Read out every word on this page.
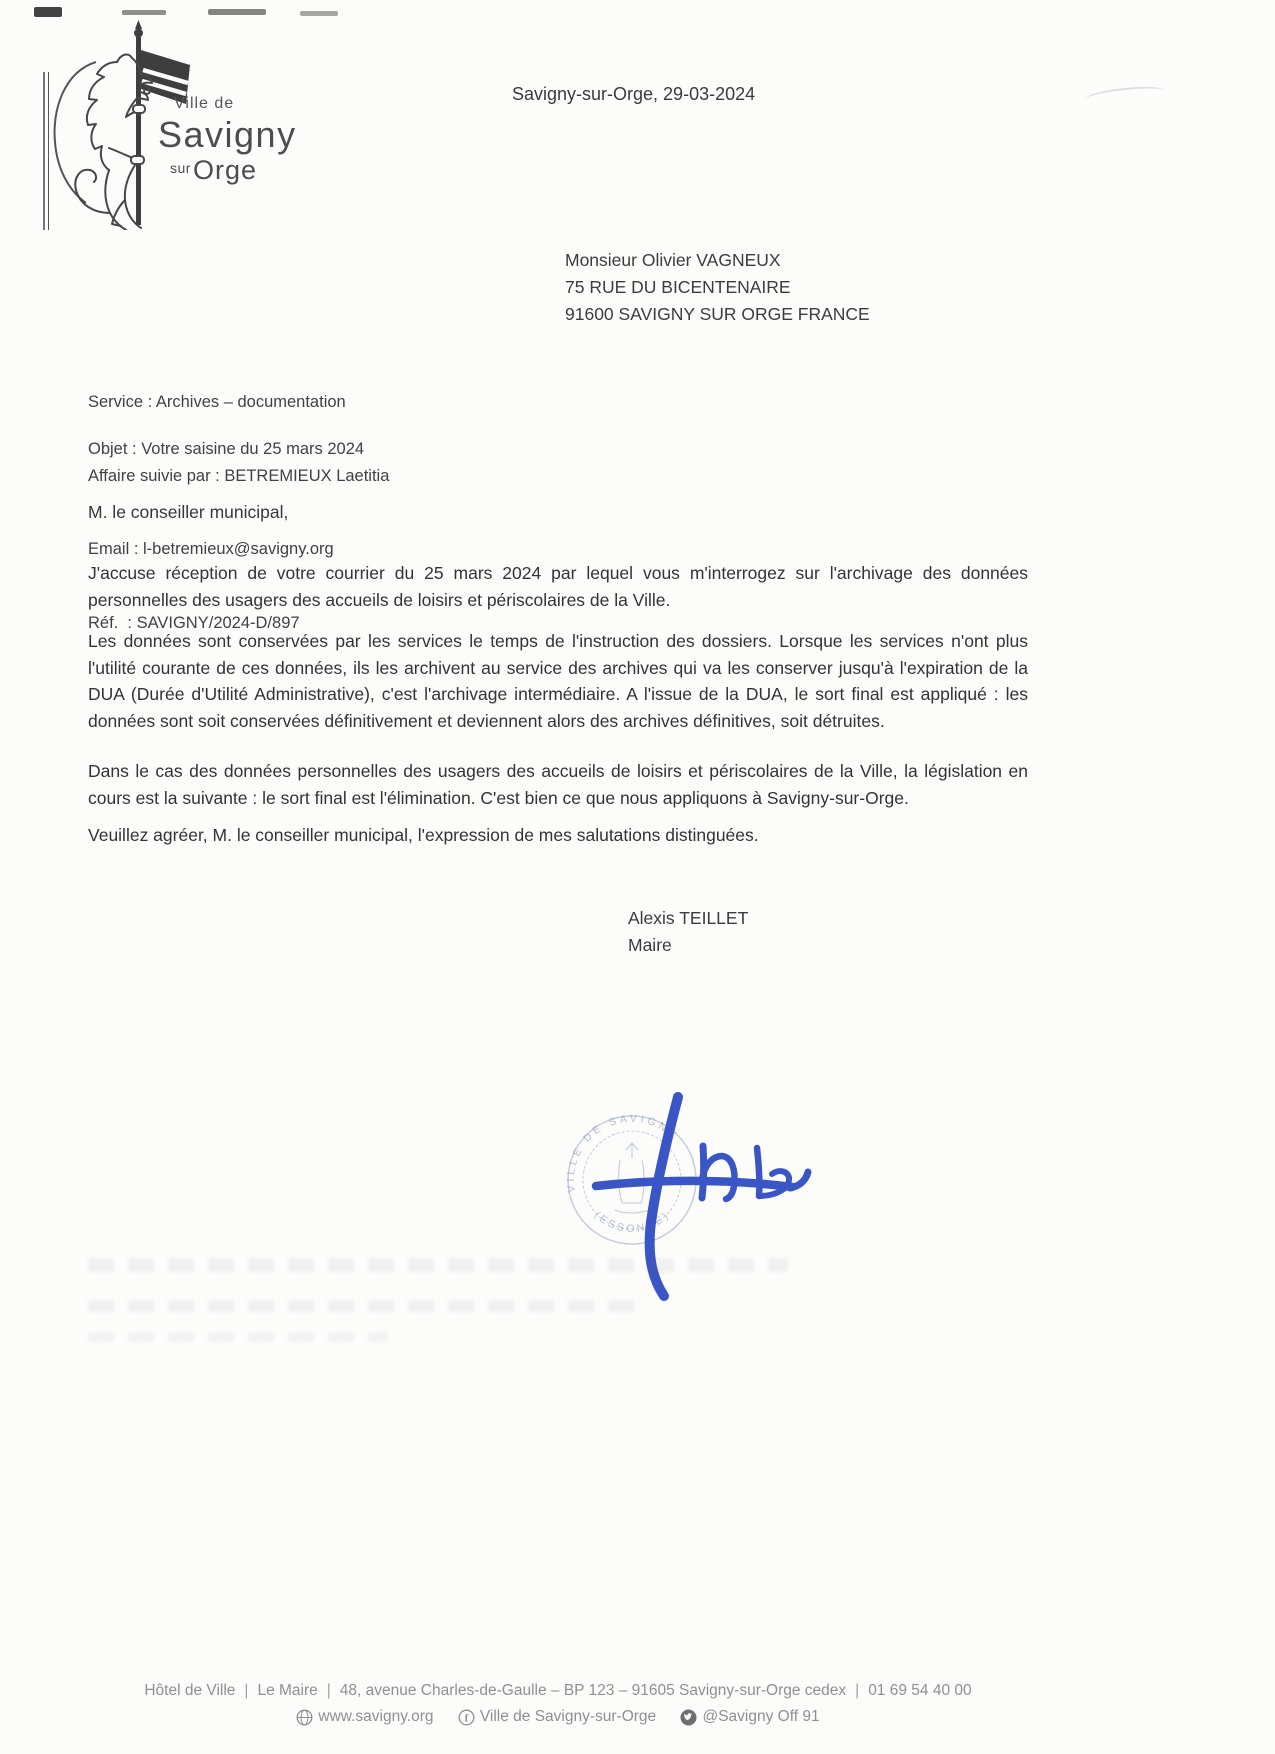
Ville de
Savigny
$^{sur}$Orge
Savigny-sur-Orge, 29-03-2024
Monsieur Olivier VAGNEUX
75 RUE DU BICENTENAIRE
91600 SAVIGNY SUR ORGE FRANCE

Service : Archives – documentation

Affaire suivie par : BETREMIEUX Laetitia

Email : l-betremieux@savigny.org

Réf.  : SAVIGNY/2024-D/897

Objet : Votre saisine du 25 mars 2024
M. le conseiller municipal,

J'accuse réception de votre courrier du 25 mars 2024 par lequel vous m'interrogez sur l'archivage des données personnelles des usagers des accueils de loisirs et périscolaires de la Ville.

Les données sont conservées par les services le temps de l'instruction des dossiers. Lorsque les services n'ont plus l'utilité courante de ces données, ils les archivent au service des archives qui va les conserver jusqu'à l'expiration de la DUA (Durée d'Utilité Administrative), c'est l'archivage intermédiaire. A l'issue de la DUA, le sort final est appliqué : les données sont soit conservées définitivement et deviennent alors des archives définitives, soit détruites.

Dans le cas des données personnelles des usagers des accueils de loisirs et périscolaires de la Ville, la législation en cours est la suivante : le sort final est l'élimination. C'est bien ce que nous appliquons à Savigny-sur-Orge.

Veuillez agréer, M. le conseiller municipal, l'expression de mes salutations distinguées.

Alexis TEILLET
Maire
VILLE DE SAVIGNY
(ESSONNE)
Hôtel de Ville | Le Maire | 48, avenue Charles-de-Gaulle – BP 123 – 91605 Savigny-sur-Orge cedex | 01 69 54 40 00
www.savigny.org
	f Ville de Savigny-sur-Orge
	@Savigny Off 91
